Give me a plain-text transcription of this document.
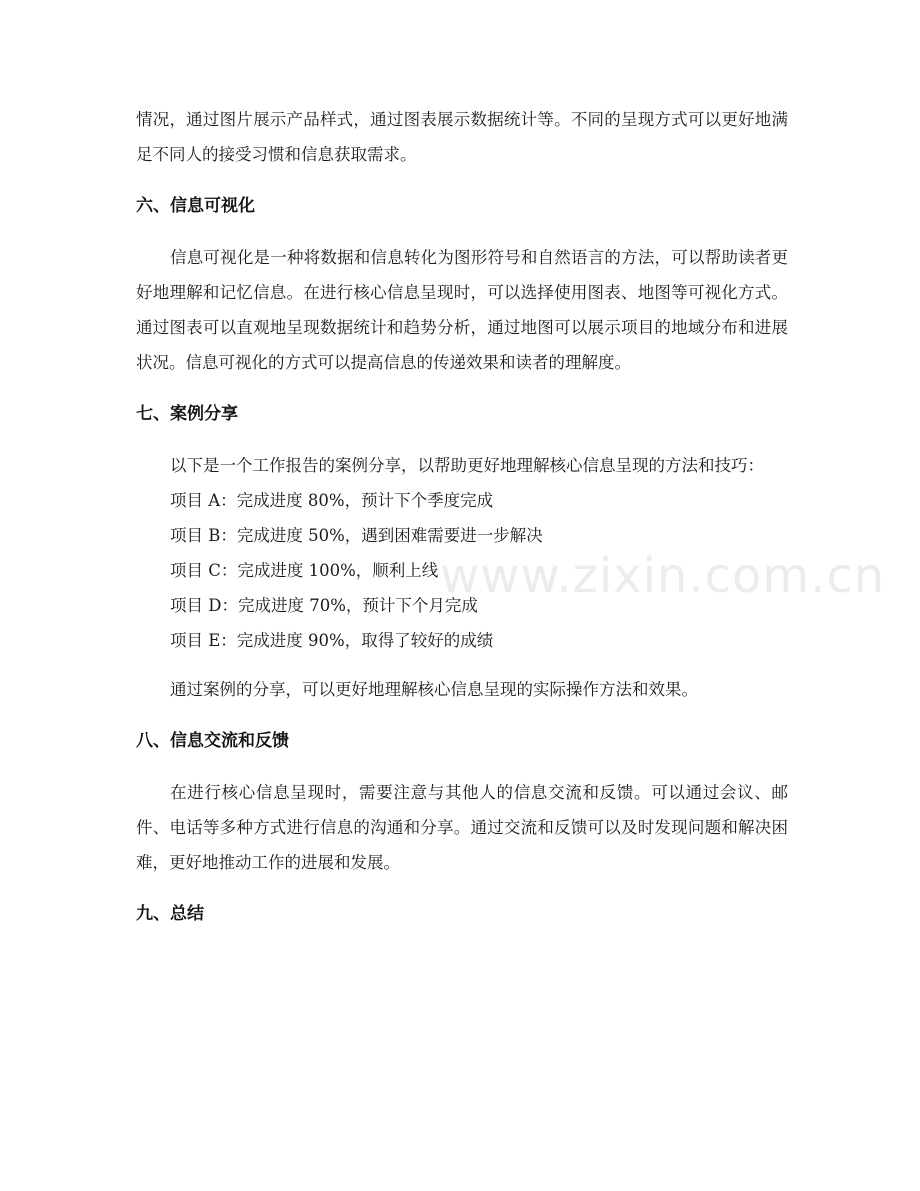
www.zixin.com.cn

情况，通过图片展示产品样式，通过图表展示数据统计等。不同的呈现方式可以更好地满足不同人的接受习惯和信息获取需求。

六、信息可视化

信息可视化是一种将数据和信息转化为图形符号和自然语言的方法，可以帮助读者更好地理解和记忆信息。在进行核心信息呈现时，可以选择使用图表、地图等可视化方式。通过图表可以直观地呈现数据统计和趋势分析，通过地图可以展示项目的地域分布和进展状况。信息可视化的方式可以提高信息的传递效果和读者的理解度。

七、案例分享

以下是一个工作报告的案例分享，以帮助更好地理解核心信息呈现的方法和技巧：

项目 A：完成进度 80%，预计下个季度完成

项目 B：完成进度 50%，遇到困难需要进一步解决

项目 C：完成进度 100%，顺利上线

项目 D：完成进度 70%，预计下个月完成

项目 E：完成进度 90%，取得了较好的成绩

通过案例的分享，可以更好地理解核心信息呈现的实际操作方法和效果。

八、信息交流和反馈

在进行核心信息呈现时，需要注意与其他人的信息交流和反馈。可以通过会议、邮件、电话等多种方式进行信息的沟通和分享。通过交流和反馈可以及时发现问题和解决困难，更好地推动工作的进展和发展。

九、总结
